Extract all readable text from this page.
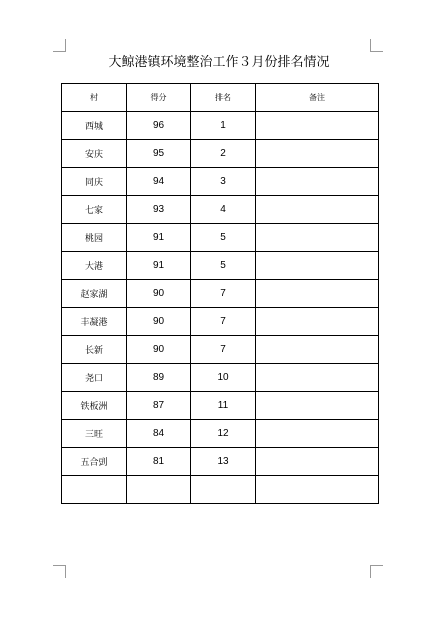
大鲸港镇环境整治工作３月份排名情况
村	得分	排名	备注
西城	96	1	
安庆	95	2	
同庆	94	3	
七家	93	4	
桃园	91	5	
大港	91	5	
赵家湖	90	7	
丰凝港	90	7	
长新	90	7	
尧口	89	10	
铁板洲	87	11	
三旺	84	12	
五合剅	81	13	
